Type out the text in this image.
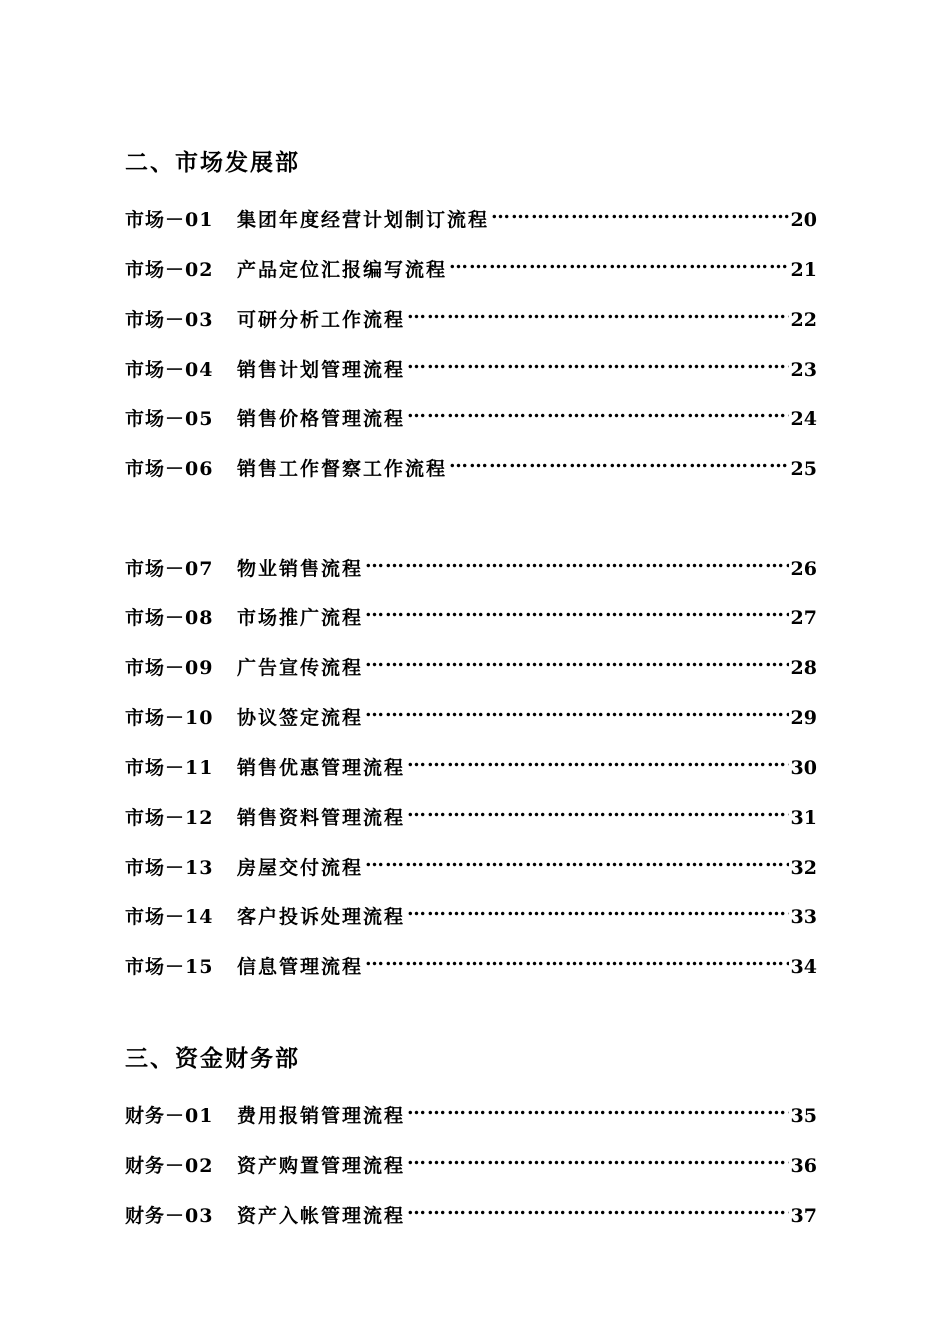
二、市场发展部
市场－01	集团年度经营计划制订流程 ……………………………………………………………………………………………………………………………………	20
市场－02	产品定位汇报编写流程 ……………………………………………………………………………………………………………………………………	21
市场－03	可研分析工作流程 ……………………………………………………………………………………………………………………………………	22
市场－04	销售计划管理流程 ……………………………………………………………………………………………………………………………………	23
市场－05	销售价格管理流程 ……………………………………………………………………………………………………………………………………	24
市场－06	销售工作督察工作流程 ……………………………………………………………………………………………………………………………………	25
市场－07	物业销售流程 ……………………………………………………………………………………………………………………………………	26
市场－08	市场推广流程 ……………………………………………………………………………………………………………………………………	27
市场－09	广告宣传流程 ……………………………………………………………………………………………………………………………………	28
市场－10	协议签定流程 ……………………………………………………………………………………………………………………………………	29
市场－11	销售优惠管理流程 ……………………………………………………………………………………………………………………………………	30
市场－12	销售资料管理流程 ……………………………………………………………………………………………………………………………………	31
市场－13	房屋交付流程 ……………………………………………………………………………………………………………………………………	32
市场－14	客户投诉处理流程 ……………………………………………………………………………………………………………………………………	33
市场－15	信息管理流程 ……………………………………………………………………………………………………………………………………	34
三、资金财务部
财务－01	费用报销管理流程 ……………………………………………………………………………………………………………………………………	35
财务－02	资产购置管理流程 ……………………………………………………………………………………………………………………………………	36
财务－03	资产入帐管理流程 ……………………………………………………………………………………………………………………………………	37
